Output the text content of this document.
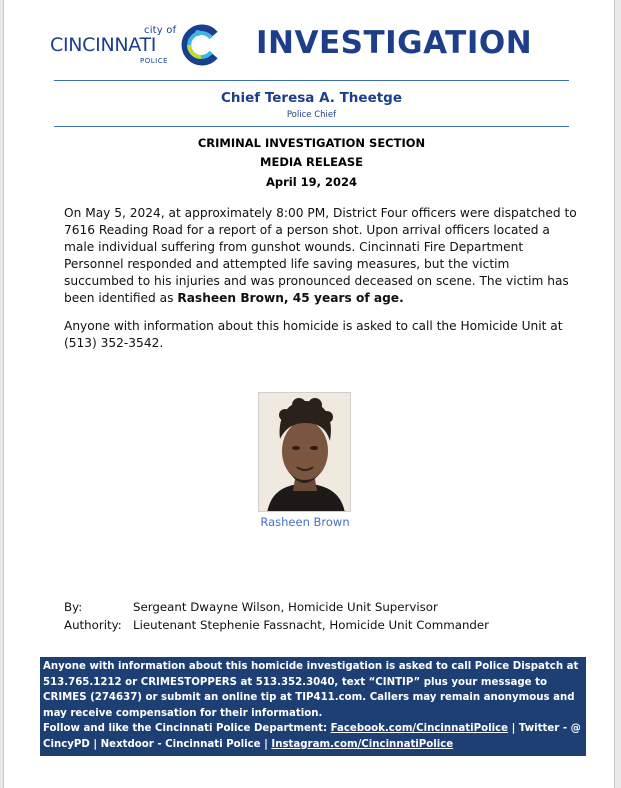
city of
CINCINNATI
POLICE	INVESTIGATION
Chief Teresa A. Theetge
Police Chief
CRIMINAL INVESTIGATION SECTION
MEDIA RELEASE
April 19, 2024
On May 5, 2024, at approximately 8:00 PM, District Four officers were dispatched to 7616 Reading Road for a report of a person shot. Upon arrival officers located a male individual suffering from gunshot wounds. Cincinnati Fire Department Personnel responded and attempted life saving measures, but the victim succumbed to his injuries and was pronounced deceased on scene. The victim has been identified as Rasheen Brown, 45 years of age.
Anyone with information about this homicide is asked to call the Homicide Unit at (513) 352-3542.
Rasheen Brown
By:	Sergeant Dwayne Wilson, Homicide Unit Supervisor
Authority: Lieutenant Stephenie Fassnacht, Homicide Unit Commander
Anyone with information about this homicide investigation is asked to call Police Dispatch at 513.765.1212 or CRIMESTOPPERS at 513.352.3040, text “CINTIP” plus your message to CRIMES (274637) or submit an online tip at TIP411.com. Callers may remain anonymous and may receive compensation for their information.
Follow and like the Cincinnati Police Department: Facebook.com/CincinnatiPolice | Twitter - @ CincyPD | Nextdoor - Cincinnati Police | Instagram.com/CincinnatiPolice
